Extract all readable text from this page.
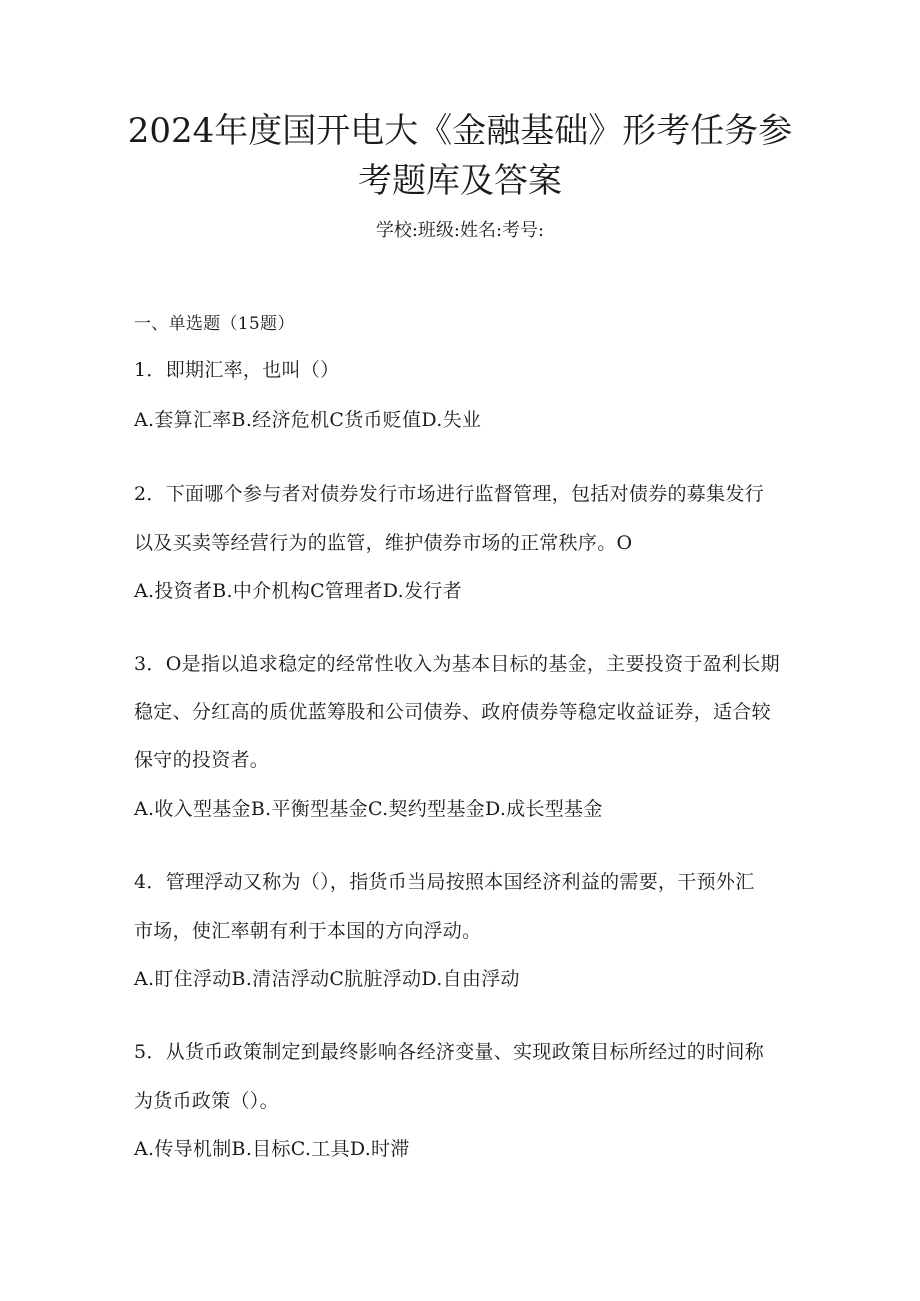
2024年度国开电大《金融基础》形考任务参
考题库及答案
学校:班级:姓名:考号:
一、单选题（15题）
1．即期汇率，也叫（）
A.套算汇率B.经济危机C货币贬值D.失业
2．下面哪个参与者对债券发行市场进行监督管理，包括对债券的募集发行
以及买卖等经营行为的监管，维护债券市场的正常秩序。O
A.投资者B.中介机构C管理者D.发行者
3．O是指以追求稳定的经常性收入为基本目标的基金，主要投资于盈利长期
稳定、分红高的质优蓝筹股和公司债券、政府债券等稳定收益证券，适合较
保守的投资者。
A.收入型基金B.平衡型基金C.契约型基金D.成长型基金
4．管理浮动又称为（），指货币当局按照本国经济利益的需要，干预外汇
市场，使汇率朝有利于本国的方向浮动。
A.盯住浮动B.清洁浮动C肮脏浮动D.自由浮动
5．从货币政策制定到最终影响各经济变量、实现政策目标所经过的时间称
为货币政策（）。
A.传导机制B.目标C.工具D.时滞
